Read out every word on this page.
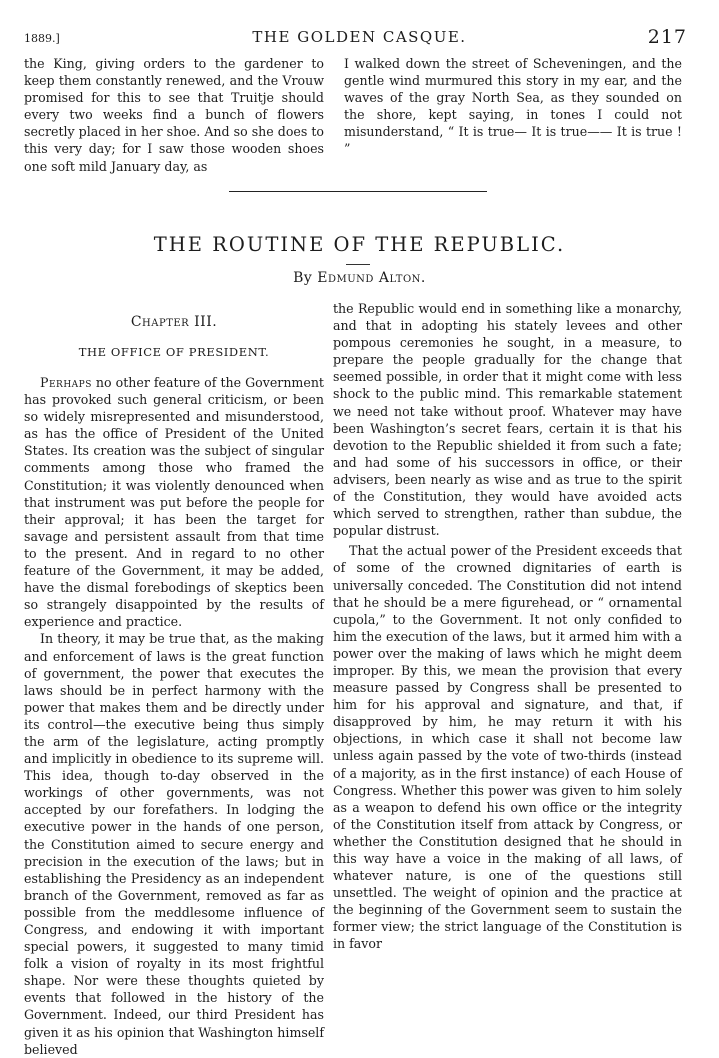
1889.]	THE GOLDEN CASQUE.	217

the King, giving orders to the gardener to keep them constantly renewed, and the Vrouw promised for this to see that Truitje should every two weeks find a bunch of flowers secretly placed in her shoe. And so she does to this very day; for I saw those wooden shoes one soft mild January day, as

I walked down the street of Scheveningen, and the gentle wind murmured this story in my ear, and the waves of the gray North Sea, as they sounded on the shore, kept saying, in tones I could not misunderstand, “ It is true— It is true—— It is true ! ”

THE ROUTINE OF THE REPUBLIC.
By Edmund Alton.
Chapter III.
THE OFFICE OF PRESIDENT.

Perhaps no other feature of the Government has provoked such general criticism, or been so widely misrepresented and misunderstood, as has the office of President of the United States. Its creation was the subject of singular comments among those who framed the Constitution; it was violently denounced when that instrument was put before the people for their approval; it has been the target for savage and persistent assault from that time to the present. And in regard to no other feature of the Government, it may be added, have the dismal forebodings of skeptics been so strangely disappointed by the results of experience and practice.

In theory, it may be true that, as the making and enforcement of laws is the great function of government, the power that executes the laws should be in perfect harmony with the power that makes them and be directly under its control—the executive being thus simply the arm of the legislature, acting promptly and implicitly in obedience to its supreme will. This idea, though to-day observed in the workings of other governments, was not accepted by our forefathers. In lodging the executive power in the hands of one person, the Constitution aimed to secure energy and precision in the execution of the laws; but in establishing the Presidency as an independent branch of the Government, removed as far as possible from the meddlesome influence of Congress, and endowing it with important special powers, it suggested to many timid folk a vision of royalty in its most frightful shape. Nor were these thoughts quieted by events that followed in the history of the Government. Indeed, our third President has given it as his opinion that Washington himself believed

the Republic would end in something like a monarchy, and that in adopting his stately levees and other pompous ceremonies he sought, in a measure, to prepare the people gradually for the change that seemed possible, in order that it might come with less shock to the public mind. This remarkable statement we need not take without proof. Whatever may have been Washington’s secret fears, certain it is that his devotion to the Republic shielded it from such a fate; and had some of his successors in office, or their advisers, been nearly as wise and as true to the spirit of the Constitution, they would have avoided acts which served to strengthen, rather than subdue, the popular distrust.

That the actual power of the President exceeds that of some of the crowned dignitaries of earth is universally conceded. The Constitution did not intend that he should be a mere figurehead, or “ ornamental cupola,” to the Government. It not only confided to him the execution of the laws, but it armed him with a power over the making of laws which he might deem improper. By this, we mean the provision that every measure passed by Congress shall be presented to him for his approval and signature, and that, if disapproved by him, he may return it with his objections, in which case it shall not become law unless again passed by the vote of two-thirds (instead of a majority, as in the first instance) of each House of Congress. Whether this power was given to him solely as a weapon to defend his own office or the integrity of the Constitution itself from attack by Congress, or whether the Constitution designed that he should in this way have a voice in the making of all laws, of whatever nature, is one of the questions still unsettled. The weight of opinion and the practice at the beginning of the Government seem to sustain the former view; the strict language of the Constitution is in favor
